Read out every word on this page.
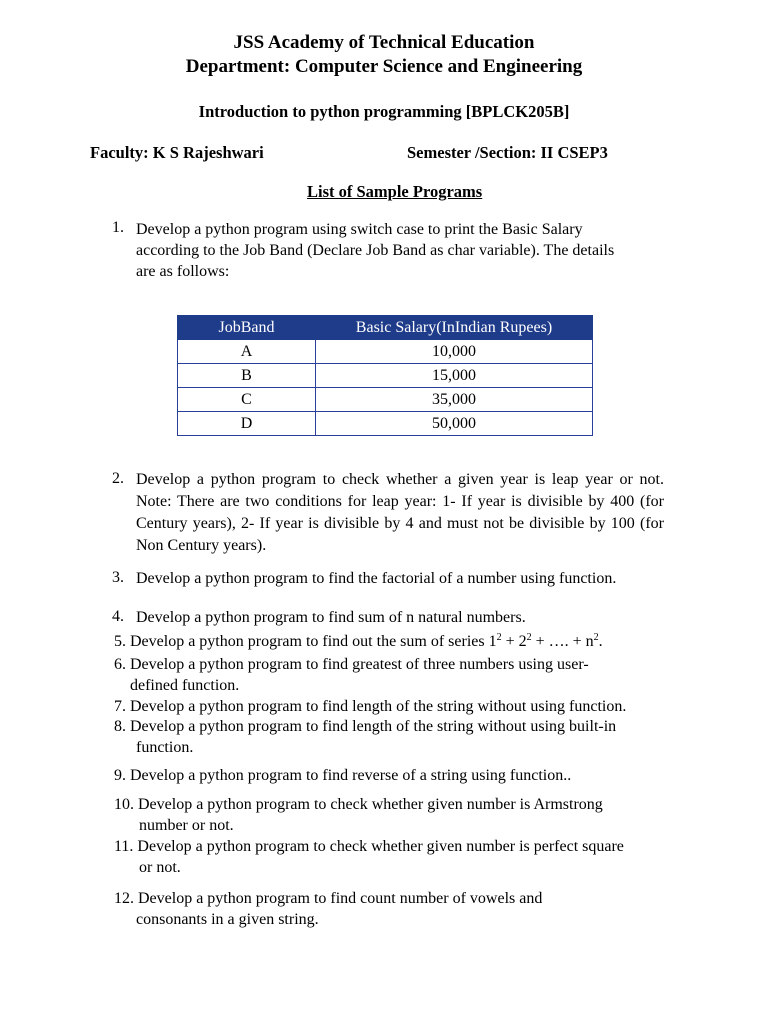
JSS Academy of Technical Education
Department: Computer Science and Engineering
Introduction to python programming [BPLCK205B]
Faculty: K S Rajeshwari	Semester /Section: II CSEP3
List of Sample Programs
1. Develop a python program using switch case to print the Basic Salary
according to the Job Band (Declare Job Band as char variable). The details
are as follows:
JobBand	Basic Salary(InIndian Rupees)
A	10,000
B	15,000
C	35,000
D	50,000
2. Develop a python program to check whether a given year is leap year or not. Note: There are two conditions for leap year: 1- If year is divisible by 400 (for Century years), 2- If year is divisible by 4 and must not be divisible by 100 (for Non Century years).
3. Develop a python program to find the factorial of a number using function.
4. Develop a python program to find sum of n natural numbers.
5. Develop a python program to find out the sum of series $1^2 + 2^2$ + …. + $n^2$.
6. Develop a python program to find greatest of three numbers using user-
defined function.
7. Develop a python program to find length of the string without using function.
8. Develop a python program to find length of the string without using built-in
function.
9. Develop a python program to find reverse of a string using function..
10. Develop a python program to check whether given number is Armstrong
number or not.
11. Develop a python program to check whether given number is perfect square
or not.
12. Develop a python program to find count number of vowels and
consonants in a given string.
